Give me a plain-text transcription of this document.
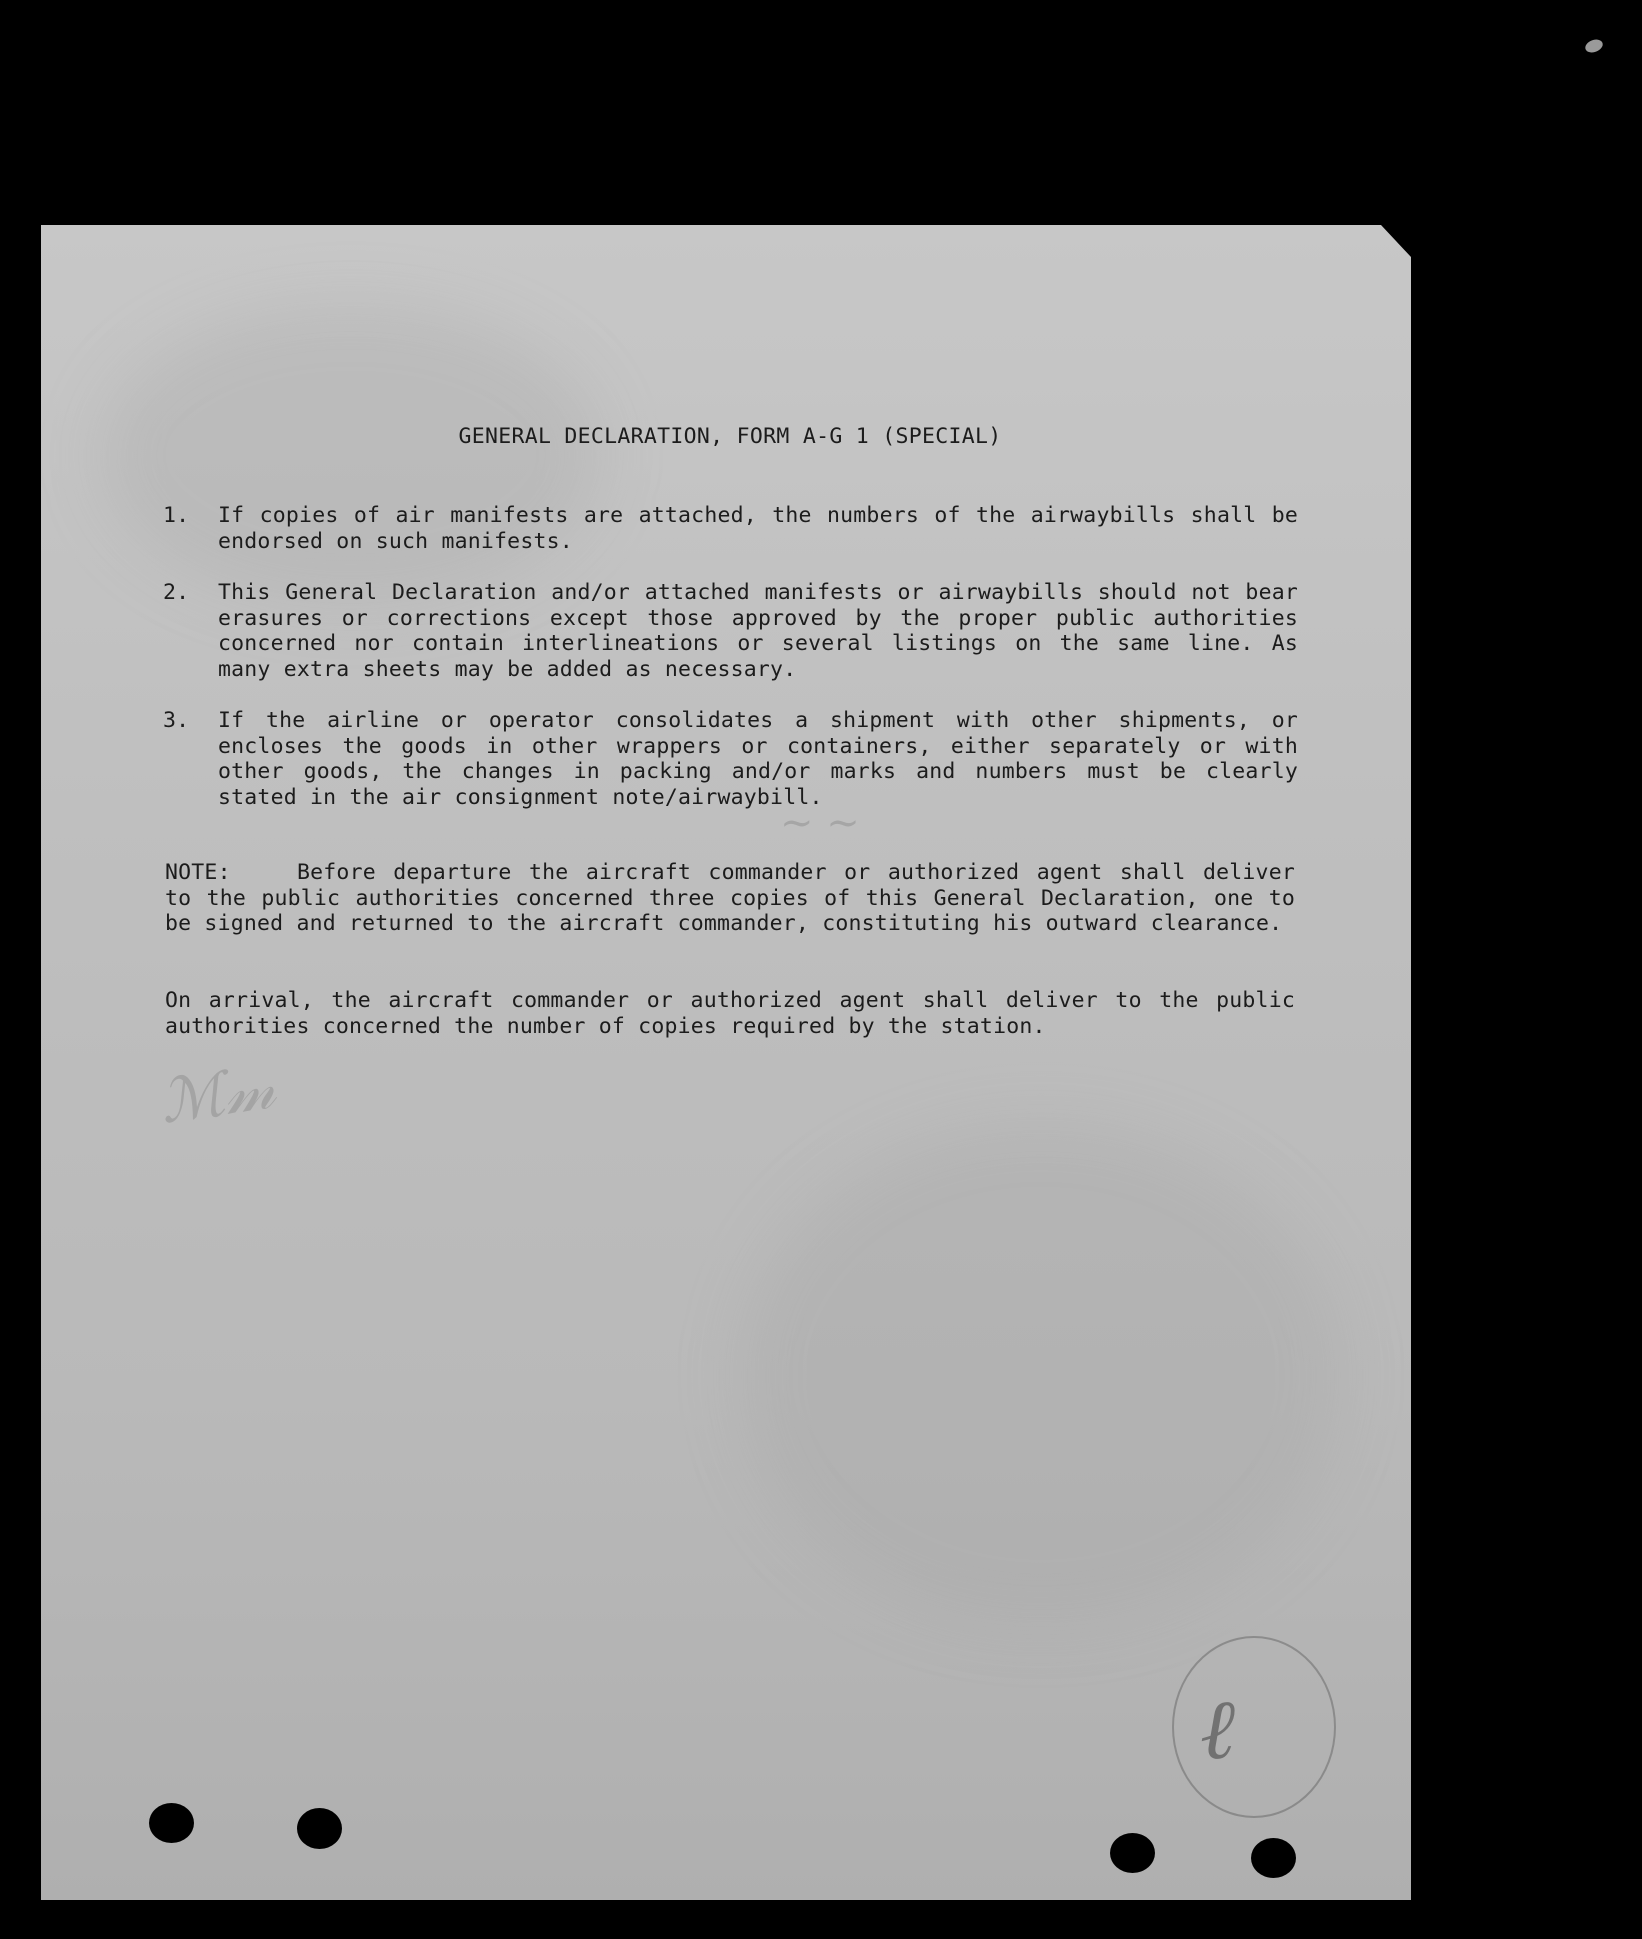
ℳ𝓂
~ ~
GENERAL DECLARATION, FORM A-G 1 (SPECIAL)
1. If copies of air manifests are attached, the numbers of the airwaybills shall be endorsed on such manifests.
2. This General Declaration and/or attached manifests or airwaybills should not bear erasures or corrections except those approved by the proper public authorities concerned nor contain interlineations or several listings on the same line. As many extra sheets may be added as necessary.
3. If the airline or operator consolidates a shipment with other shipments, or encloses the goods in other wrappers or containers, either separately or with other goods, the changes in packing and/or marks and numbers must be clearly stated in the air consignment note/airwaybill.
NOTE:	Before departure the aircraft commander or authorized agent shall deliver to the public authorities concerned three copies of this General Declaration, one to be signed and returned to the aircraft commander, constituting his outward clearance.
On arrival, the aircraft commander or authorized agent shall deliver to the public authorities concerned the number of copies required by the station.
ℓ
